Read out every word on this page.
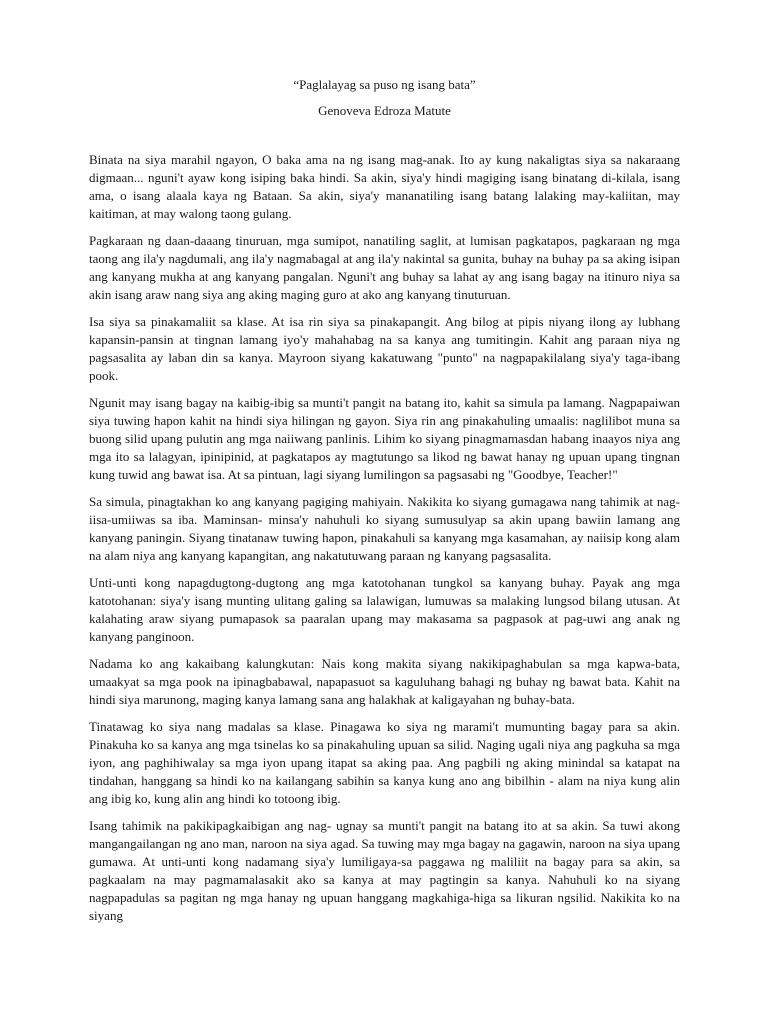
“Paglalayag sa puso ng isang bata”
Genoveva Edroza Matute

Binata na siya marahil ngayon, O baka ama na ng isang mag-anak. Ito ay kung nakaligtas siya sa nakaraang digmaan... nguni't ayaw kong isiping baka hindi. Sa akin, siya'y hindi magiging isang binatang di-kilala, isang ama, o isang alaala kaya ng Bataan. Sa akin, siya'y mananatiling isang batang lalaking may-kaliitan, may kaitiman, at may walong taong gulang.

Pagkaraan ng daan-daaang tinuruan, mga sumipot, nanatiling saglit, at lumisan pagkatapos, pagkaraan ng mga taong ang ila'y nagdumali, ang ila'y nagmabagal at ang ila'y nakintal sa gunita, buhay na buhay pa sa aking isipan ang kanyang mukha at ang kanyang pangalan. Nguni't ang buhay sa lahat ay ang isang bagay na itinuro niya sa akin isang araw nang siya ang aking maging guro at ako ang kanyang tinuturuan.

Isa siya sa pinakamaliit sa klase. At isa rin siya sa pinakapangit. Ang bilog at pipis niyang ilong ay lubhang kapansin-pansin at tingnan lamang iyo'y mahahabag na sa kanya ang tumitingin. Kahit ang paraan niya ng pagsasalita ay laban din sa kanya. Mayroon siyang kakatuwang "punto" na nagpapakilalang siya'y taga-ibang pook.

Ngunit may isang bagay na kaibig-ibig sa munti't pangit na batang ito, kahit sa simula pa lamang. Nagpapaiwan siya tuwing hapon kahit na hindi siya hilingan ng gayon. Siya rin ang pinakahuling umaalis: naglilibot muna sa buong silid upang pulutin ang mga naiiwang panlinis. Lihim ko siyang pinagmamasdan habang inaayos niya ang mga ito sa lalagyan, ipinipinid, at pagkatapos ay magtutungo sa likod ng bawat hanay ng upuan upang tingnan kung tuwid ang bawat isa. At sa pintuan, lagi siyang lumilingon sa pagsasabi ng "Goodbye, Teacher!"

Sa simula, pinagtakhan ko ang kanyang pagiging mahiyain. Nakikita ko siyang gumagawa nang tahimik at nag-iisa-umiiwas sa iba. Maminsan- minsa'y nahuhuli ko siyang sumusulyap sa akin upang bawiin lamang ang kanyang paningin. Siyang tinatanaw tuwing hapon, pinakahuli sa kanyang mga kasamahan, ay naiisip kong alam na alam niya ang kanyang kapangitan, ang nakatutuwang paraan ng kanyang pagsasalita.

Unti-unti kong napagdugtong-dugtong ang mga katotohanan tungkol sa kanyang buhay. Payak ang mga katotohanan: siya'y isang munting ulitang galing sa lalawigan, lumuwas sa malaking lungsod bilang utusan. At kalahating araw siyang pumapasok sa paaralan upang may makasama sa pagpasok at pag-uwi ang anak ng kanyang panginoon.

Nadama ko ang kakaibang kalungkutan: Nais kong makita siyang nakikipaghabulan sa mga kapwa-bata, umaakyat sa mga pook na ipinagbabawal, napapasuot sa kaguluhang bahagi ng buhay ng bawat bata. Kahit na hindi siya marunong, maging kanya lamang sana ang halakhak at kaligayahan ng buhay-bata.

Tinatawag ko siya nang madalas sa klase. Pinagawa ko siya ng marami't mumunting bagay para sa akin. Pinakuha ko sa kanya ang mga tsinelas ko sa pinakahuling upuan sa silid. Naging ugali niya ang pagkuha sa mga iyon, ang paghihiwalay sa mga iyon upang itapat sa aking paa. Ang pagbili ng aking minindal sa katapat na tindahan, hanggang sa hindi ko na kailangang sabihin sa kanya kung ano ang bibilhin - alam na niya kung alin ang ibig ko, kung alin ang hindi ko totoong ibig.

Isang tahimik na pakikipagkaibigan ang nag- ugnay sa munti't pangit na batang ito at sa akin. Sa tuwi akong mangangailangan ng ano man, naroon na siya agad. Sa tuwing may mga bagay na gagawin, naroon na siya upang gumawa. At unti-unti kong nadamang siya'y lumiligaya-sa paggawa ng maliliit na bagay para sa akin, sa pagkaalam na may pagmamalasakit ako sa kanya at may pagtingin sa kanya. Nahuhuli ko na siyang nagpapadulas sa pagitan ng mga hanay ng upuan hanggang magkahiga-higa sa likuran ngsilid. Nakikita ko na siyang
